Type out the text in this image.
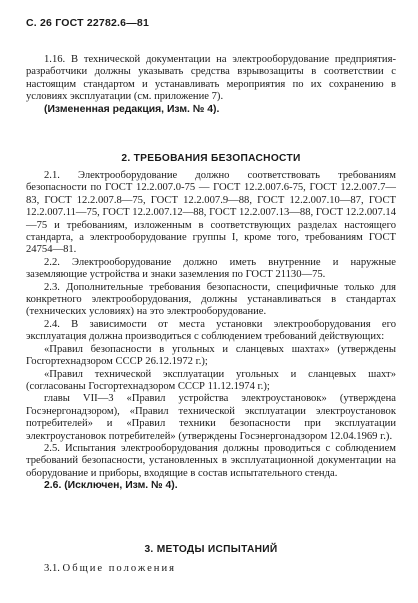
С. 26 ГОСТ 22782.6—81

1.16. В технической документации на электрооборудование предприятия-разработчики должны указывать средства взрывозащиты в соответствии с настоящим стандартом и устанавливать мероприятия по их сохранению в условиях эксплуатации (см. приложение 7).

(Измененная редакция, Изм. № 4).

2. ТРЕБОВАНИЯ БЕЗОПАСНОСТИ

2.1. Электрооборудование должно соответствовать требованиям безопасности по ГОСТ 12.2.007.0-75 — ГОСТ 12.2.007.6-75, ГОСТ 12.2.007.7—83, ГОСТ 12.2.007.8—75, ГОСТ 12.2.007.9—88, ГОСТ 12.2.007.10—87, ГОСТ 12.2.007.11—75, ГОСТ 12.2.007.12—88, ГОСТ 12.2.007.13—88, ГОСТ 12.2.007.14—75 и требованиям, изложенным в соответствующих разделах настоящего стандарта, а электрооборудование группы I, кроме того, требованиям ГОСТ 24754—81.

2.2. Электрооборудование должно иметь внутренние и наружные заземляющие устройства и знаки заземления по ГОСТ 21130—75.

2.3. Дополнительные требования безопасности, специфичные только для конкретного электрооборудования, должны устанавливаться в стандартах (технических условиях) на это электрооборудование.

2.4. В зависимости от места установки электрооборудования его эксплуатация должна производиться с соблюдением требований действующих:

«Правил безопасности в угольных и сланцевых шахтах» (утверждены Госгортехнадзором СССР 26.12.1972 г.);

«Правил технической эксплуатации угольных и сланцевых шахт» (согласованы Госгортехнадзором СССР 11.12.1974 г.);

главы VII—3 «Правил устройства электроустановок» (утверждена Госэнергонадзором), «Правил технической эксплуатации электроустановок потребителей» и «Правил техники безопасности при эксплуатации электроустановок потребителей» (утверждены Госэнергонадзором 12.04.1969 г.).

2.5. Испытания электрооборудования должны проводиться с соблюдением требований безопасности, установленных в эксплуатационной документации на оборудование и приборы, входящие в состав испытательного стенда.

2.6. (Исключен, Изм. № 4).

3. МЕТОДЫ ИСПЫТАНИЙ

3.1. Общие положения
